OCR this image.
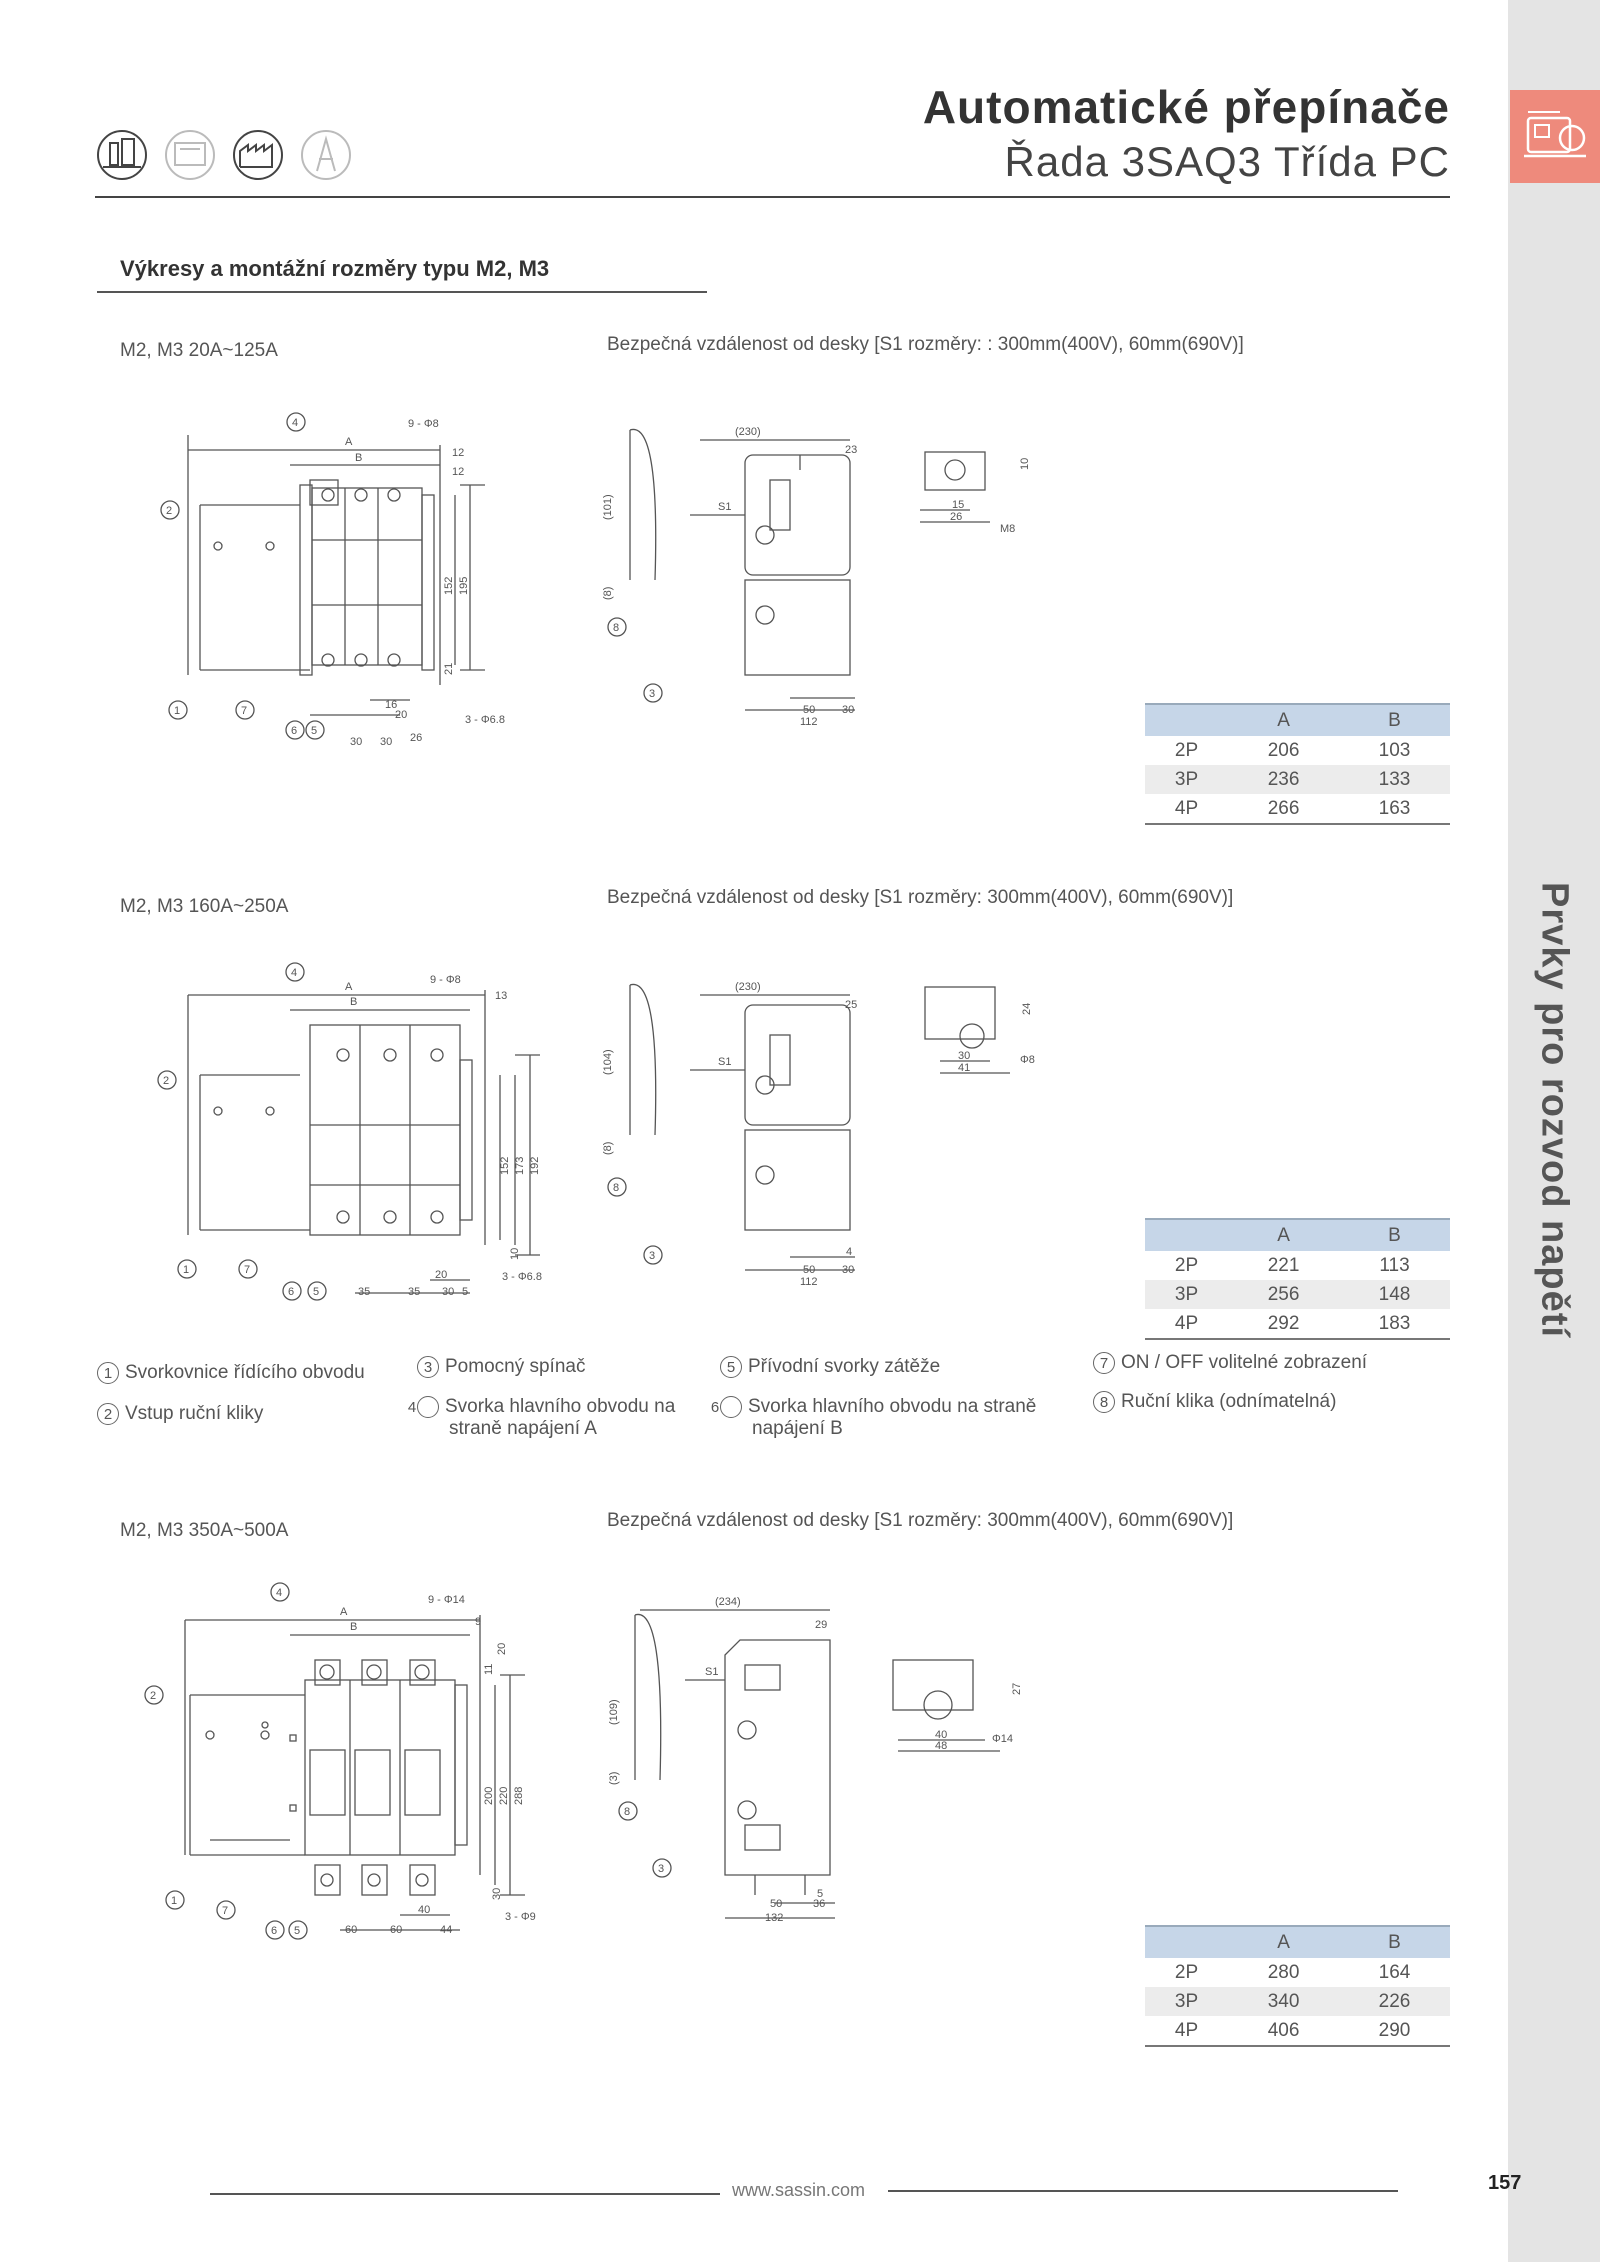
Prvky pro rozvod napětí
Automatické přepínače
Řada 3SAQ3 Třída PC
Výkresy a montážní rozměry typu M2, M3
M2, M3 20A~125A	Bezpečná vzdálenost od desky [S1 rozměry: : 300mm(400V), 60mm(690V)]
A
B
9 - Φ8
12
12
152 195
21
16
20
30 30 26
3 - Φ6.8
2
1	7
6 5
4
(230)
23
(101)
(8)
S1
50 30
112
10
15
26
M8
8
3
	A	B
2P	206	103
3P	236	133
4P	266	163
M2, M3 160A~250A	Bezpečná vzdálenost od desky [S1 rozměry: 300mm(400V), 60mm(690V)]
A
B
9 - Φ8
13
152 173 192
10
20
35	35 30 5
3 - Φ6.8
2
1	7
6 5
4
(230)
25
(104)
(8)
S1
4
50 30
112
24
30
41
Φ8
8
3
	A	B
2P	221	113
3P	256	148
4P	292	183
1 Svorkovnice řídícího obvodu
2 Vstup ruční kliky
3 Pomocný spínač
4 Svorka hlavního obvodu na straně napájení A
5 Přívodní svorky zátěže
6 Svorka hlavního obvodu na straně napájení B
7 ON / OFF volitelné zobrazení
8 Ruční klika (odnímatelná)
M2, M3 350A~500A	Bezpečná vzdálenost od desky [S1 rozměry: 300mm(400V), 60mm(690V)]
A
B
9 - Φ14
9
20
11
200 220 288
30
40
60	60	44
3 - Φ9
2
1
7
6 5
4
(234)
29
(109)
(3)
S1
5
50	36
132
27
40
48
Φ14
8
3
	A	B
2P	280	164
3P	340	226
4P	406	290
www.sassin.com	157
